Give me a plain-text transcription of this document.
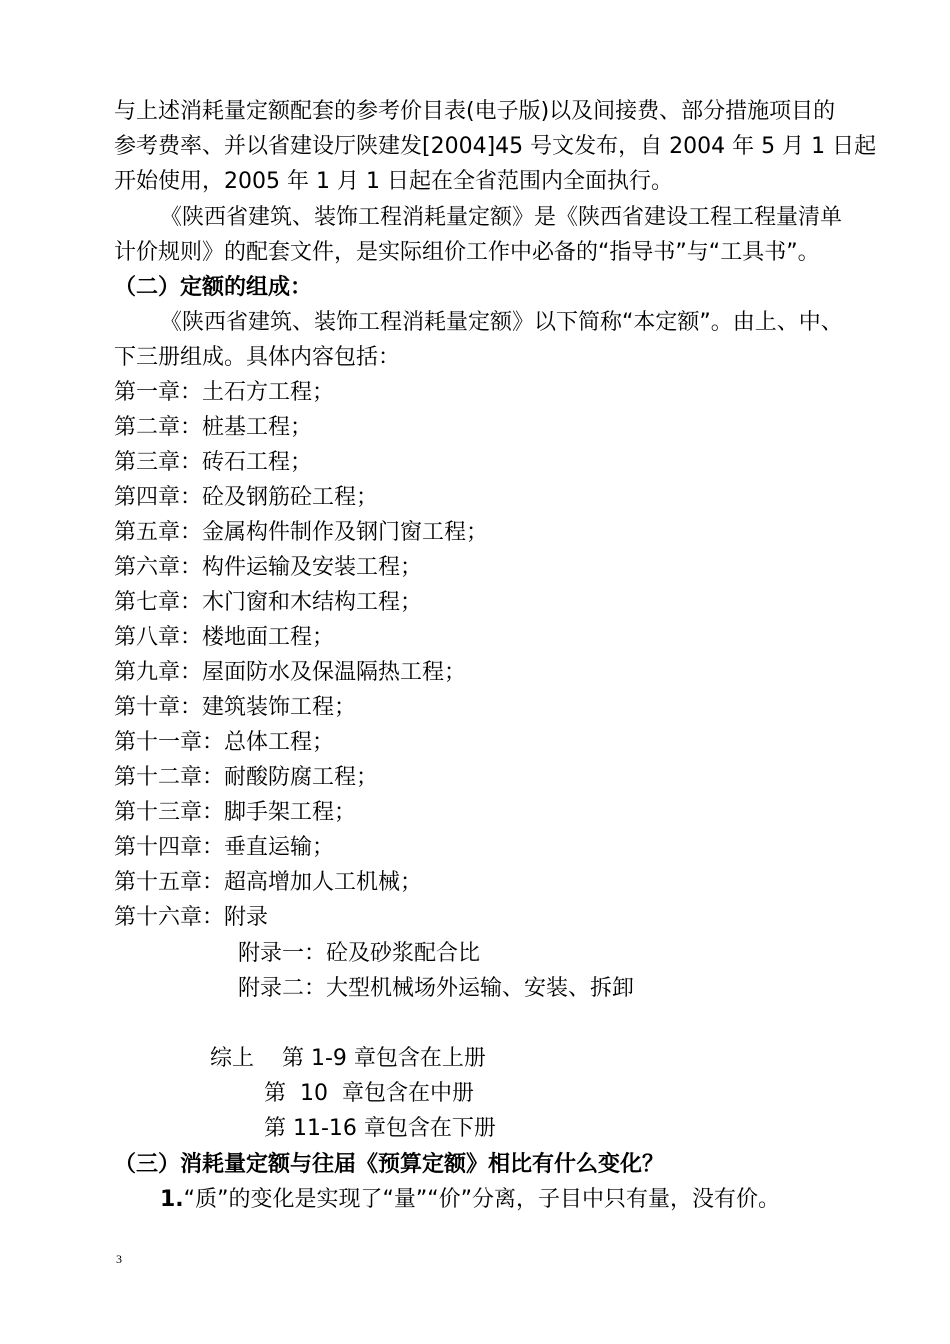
与上述消耗量定额配套的参考价目表(电子版)以及间接费、部分措施项目的
参考费率、并以省建设厅陕建发[2004]45 号文发布，自 2004 年 5 月 1 日起
开始使用，2005 年 1 月 1 日起在全省范围内全面执行。
《陕西省建筑、装饰工程消耗量定额》是《陕西省建设工程工程量清单
计价规则》的配套文件，是实际组价工作中必备的“指导书”与“工具书”。
（二）定额的组成：
《陕西省建筑、装饰工程消耗量定额》以下简称“本定额”。由上、中、
下三册组成。具体内容包括：
第一章：土石方工程；
第二章：桩基工程；
第三章：砖石工程；
第四章：砼及钢筋砼工程；
第五章：金属构件制作及钢门窗工程；
第六章：构件运输及安装工程；
第七章：木门窗和木结构工程；
第八章：楼地面工程；
第九章：屋面防水及保温隔热工程；
第十章：建筑装饰工程；
第十一章：总体工程；
第十二章：耐酸防腐工程；
第十三章：脚手架工程；
第十四章：垂直运输；
第十五章：超高增加人工机械；
第十六章：附录
附录一：砼及砂浆配合比
附录二：大型机械场外运输、安装、拆卸
综上    第 1-9 章包含在上册
第  10  章包含在中册
第 11-16 章包含在下册
（三）消耗量定额与往届《预算定额》相比有什么变化？
1.“质”的变化是实现了“量”“价”分离，子目中只有量，没有价。
3
